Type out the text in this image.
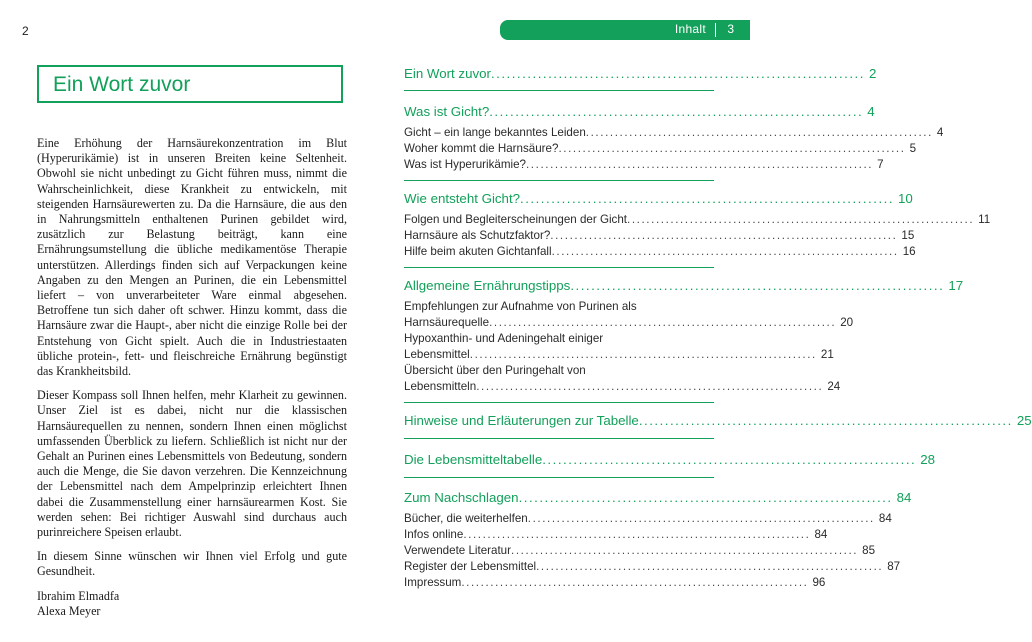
2	Inhalt 3
Ein Wort zuvor

Eine Erhöhung der Harnsäurekonzentration im Blut (Hyperurikämie) ist in unseren Breiten keine Seltenheit. Obwohl sie nicht unbedingt zu Gicht führen muss, nimmt die Wahrscheinlichkeit, diese Krankheit zu entwickeln, mit steigenden Harnsäurewerten zu. Da die Harnsäure, die aus den in Nahrungsmitteln enthaltenen Purinen gebildet wird, zusätzlich zur Belastung beiträgt, kann eine Ernährungsumstellung die übliche medikamentöse Therapie unterstützen. Allerdings finden sich auf Verpackungen keine Angaben zu den Mengen an Purinen, die ein Lebensmittel liefert – von unverarbeiteter Ware einmal abgesehen. Betroffene tun sich daher oft schwer. Hinzu kommt, dass die Harnsäure zwar die Haupt-, aber nicht die einzige Rolle bei der Entstehung von Gicht spielt. Auch die in Industriestaaten übliche protein-, fett- und fleischreiche Ernährung begünstigt das Krankheitsbild.

Dieser Kompass soll Ihnen helfen, mehr Klarheit zu gewinnen. Unser Ziel ist es dabei, nicht nur die klassischen Harnsäurequellen zu nennen, sondern Ihnen einen möglichst umfassenden Überblick zu liefern. Schließlich ist nicht nur der Gehalt an Purinen eines Lebensmittels von Bedeutung, sondern auch die Menge, die Sie davon verzehren. Die Kennzeichnung der Lebensmittel nach dem Ampelprinzip erleichtert Ihnen dabei die Zusammenstellung einer harnsäurearmen Kost. Sie werden sehen: Bei richtiger Auswahl sind durchaus auch purinreichere Speisen erlaubt.

In diesem Sinne wünschen wir Ihnen viel Erfolg und gute Gesundheit.

Ibrahim Elmadfa
Alexa Meyer
Ein Wort zuvor ........................................................................ 2
Was ist Gicht? ........................................................................ 4
Gicht – ein lange bekanntes Leiden ........................................................................ 4
Woher kommt die Harnsäure? ........................................................................ 5
Was ist Hyperurikämie? ........................................................................ 7
Wie entsteht Gicht? ........................................................................ 10
Folgen und Begleiterscheinungen der Gicht ........................................................................ 11
Harnsäure als Schutzfaktor? ........................................................................ 15
Hilfe beim akuten Gichtanfall ........................................................................ 16
Allgemeine Ernährungstipps ........................................................................ 17
Empfehlungen zur Aufnahme von Purinen als
Harnsäurequelle ........................................................................ 20
Hypoxanthin- und Adeningehalt einiger
Lebensmittel ........................................................................ 21
Übersicht über den Puringehalt von
Lebensmitteln ........................................................................ 24
Hinweise und Erläuterungen zur Tabelle ........................................................................ 25
Die Lebensmitteltabelle ........................................................................ 28
Zum Nachschlagen ........................................................................ 84
Bücher, die weiterhelfen ........................................................................ 84
Infos online ........................................................................ 84
Verwendete Literatur ........................................................................ 85
Register der Lebensmittel ........................................................................ 87
Impressum ........................................................................ 96
